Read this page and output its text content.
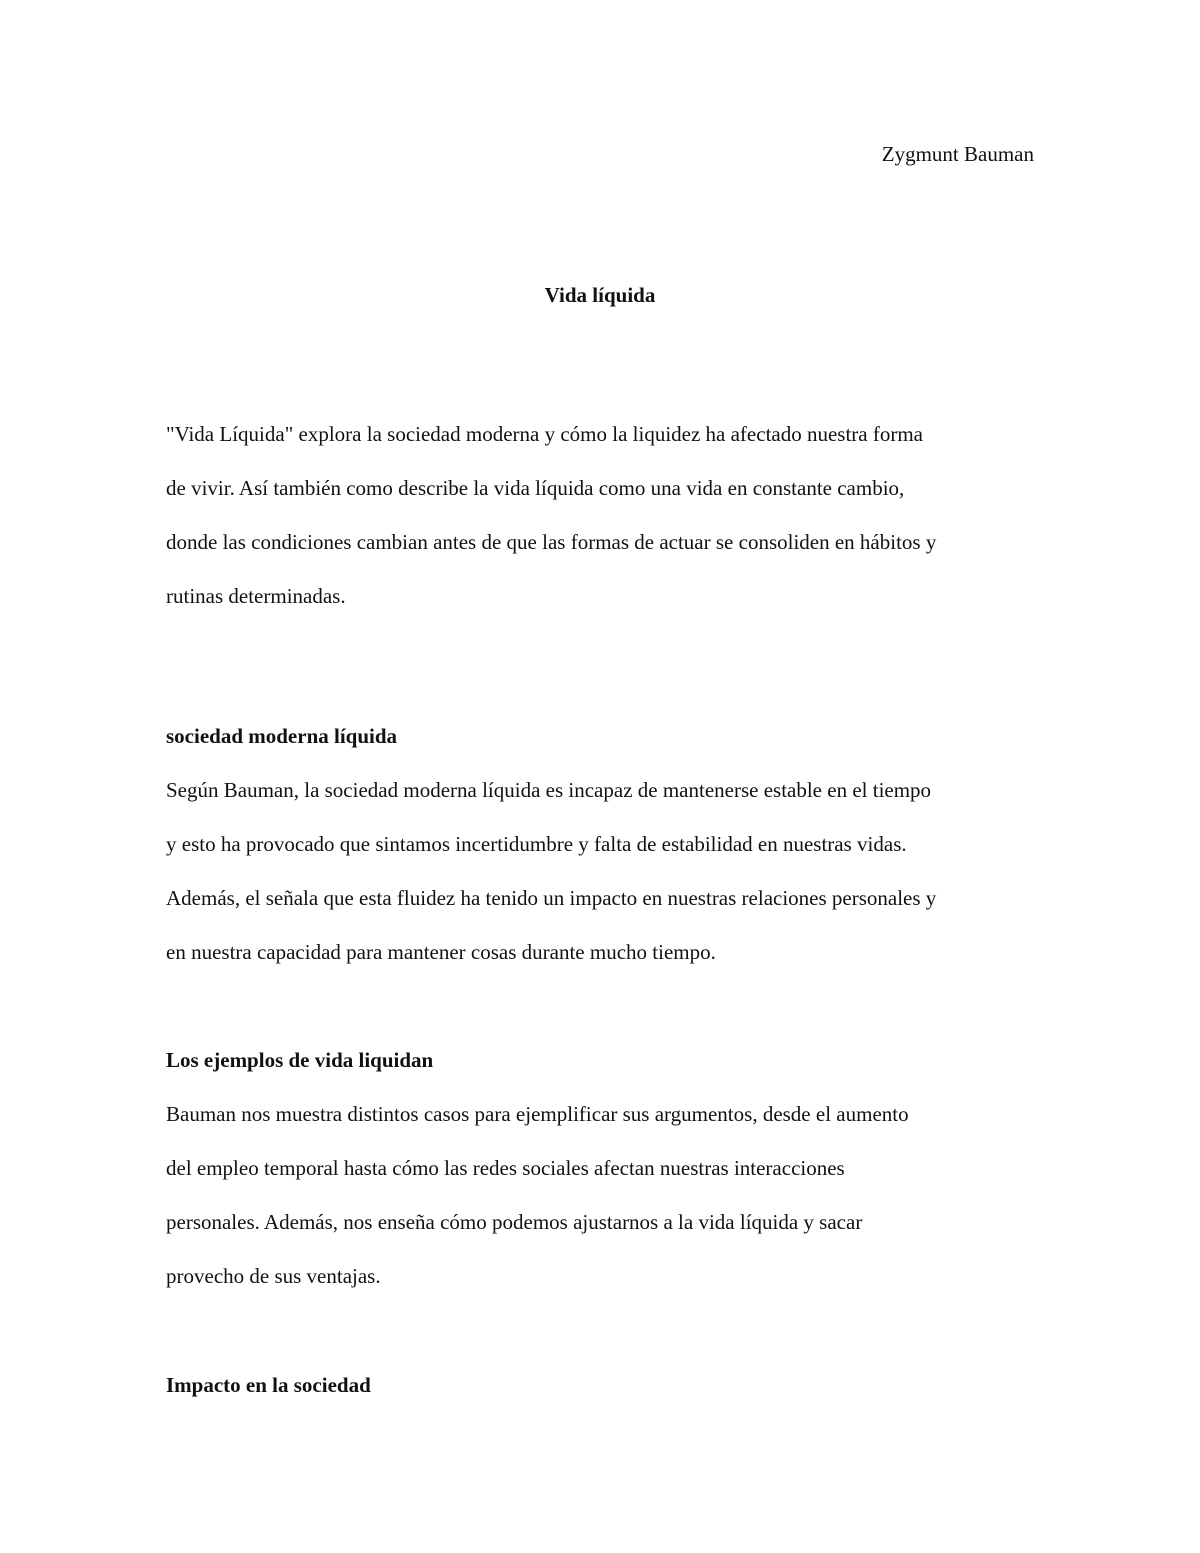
Zygmunt Bauman
Vida líquida
"Vida Líquida" explora la sociedad moderna y cómo la liquidez ha afectado nuestra forma
de vivir. Así también como describe la vida líquida como una vida en constante cambio,
donde las condiciones cambian antes de que las formas de actuar se consoliden en hábitos y
rutinas determinadas.
sociedad moderna líquida
Según Bauman, la sociedad moderna líquida es incapaz de mantenerse estable en el tiempo
y esto ha provocado que sintamos incertidumbre y falta de estabilidad en nuestras vidas.
Además, el señala que esta fluidez ha tenido un impacto en nuestras relaciones personales y
en nuestra capacidad para mantener cosas durante mucho tiempo.
Los ejemplos de vida liquidan
Bauman nos muestra distintos casos para ejemplificar sus argumentos, desde el aumento
del empleo temporal hasta cómo las redes sociales afectan nuestras interacciones
personales. Además, nos enseña cómo podemos ajustarnos a la vida líquida y sacar
provecho de sus ventajas.
Impacto en la sociedad
